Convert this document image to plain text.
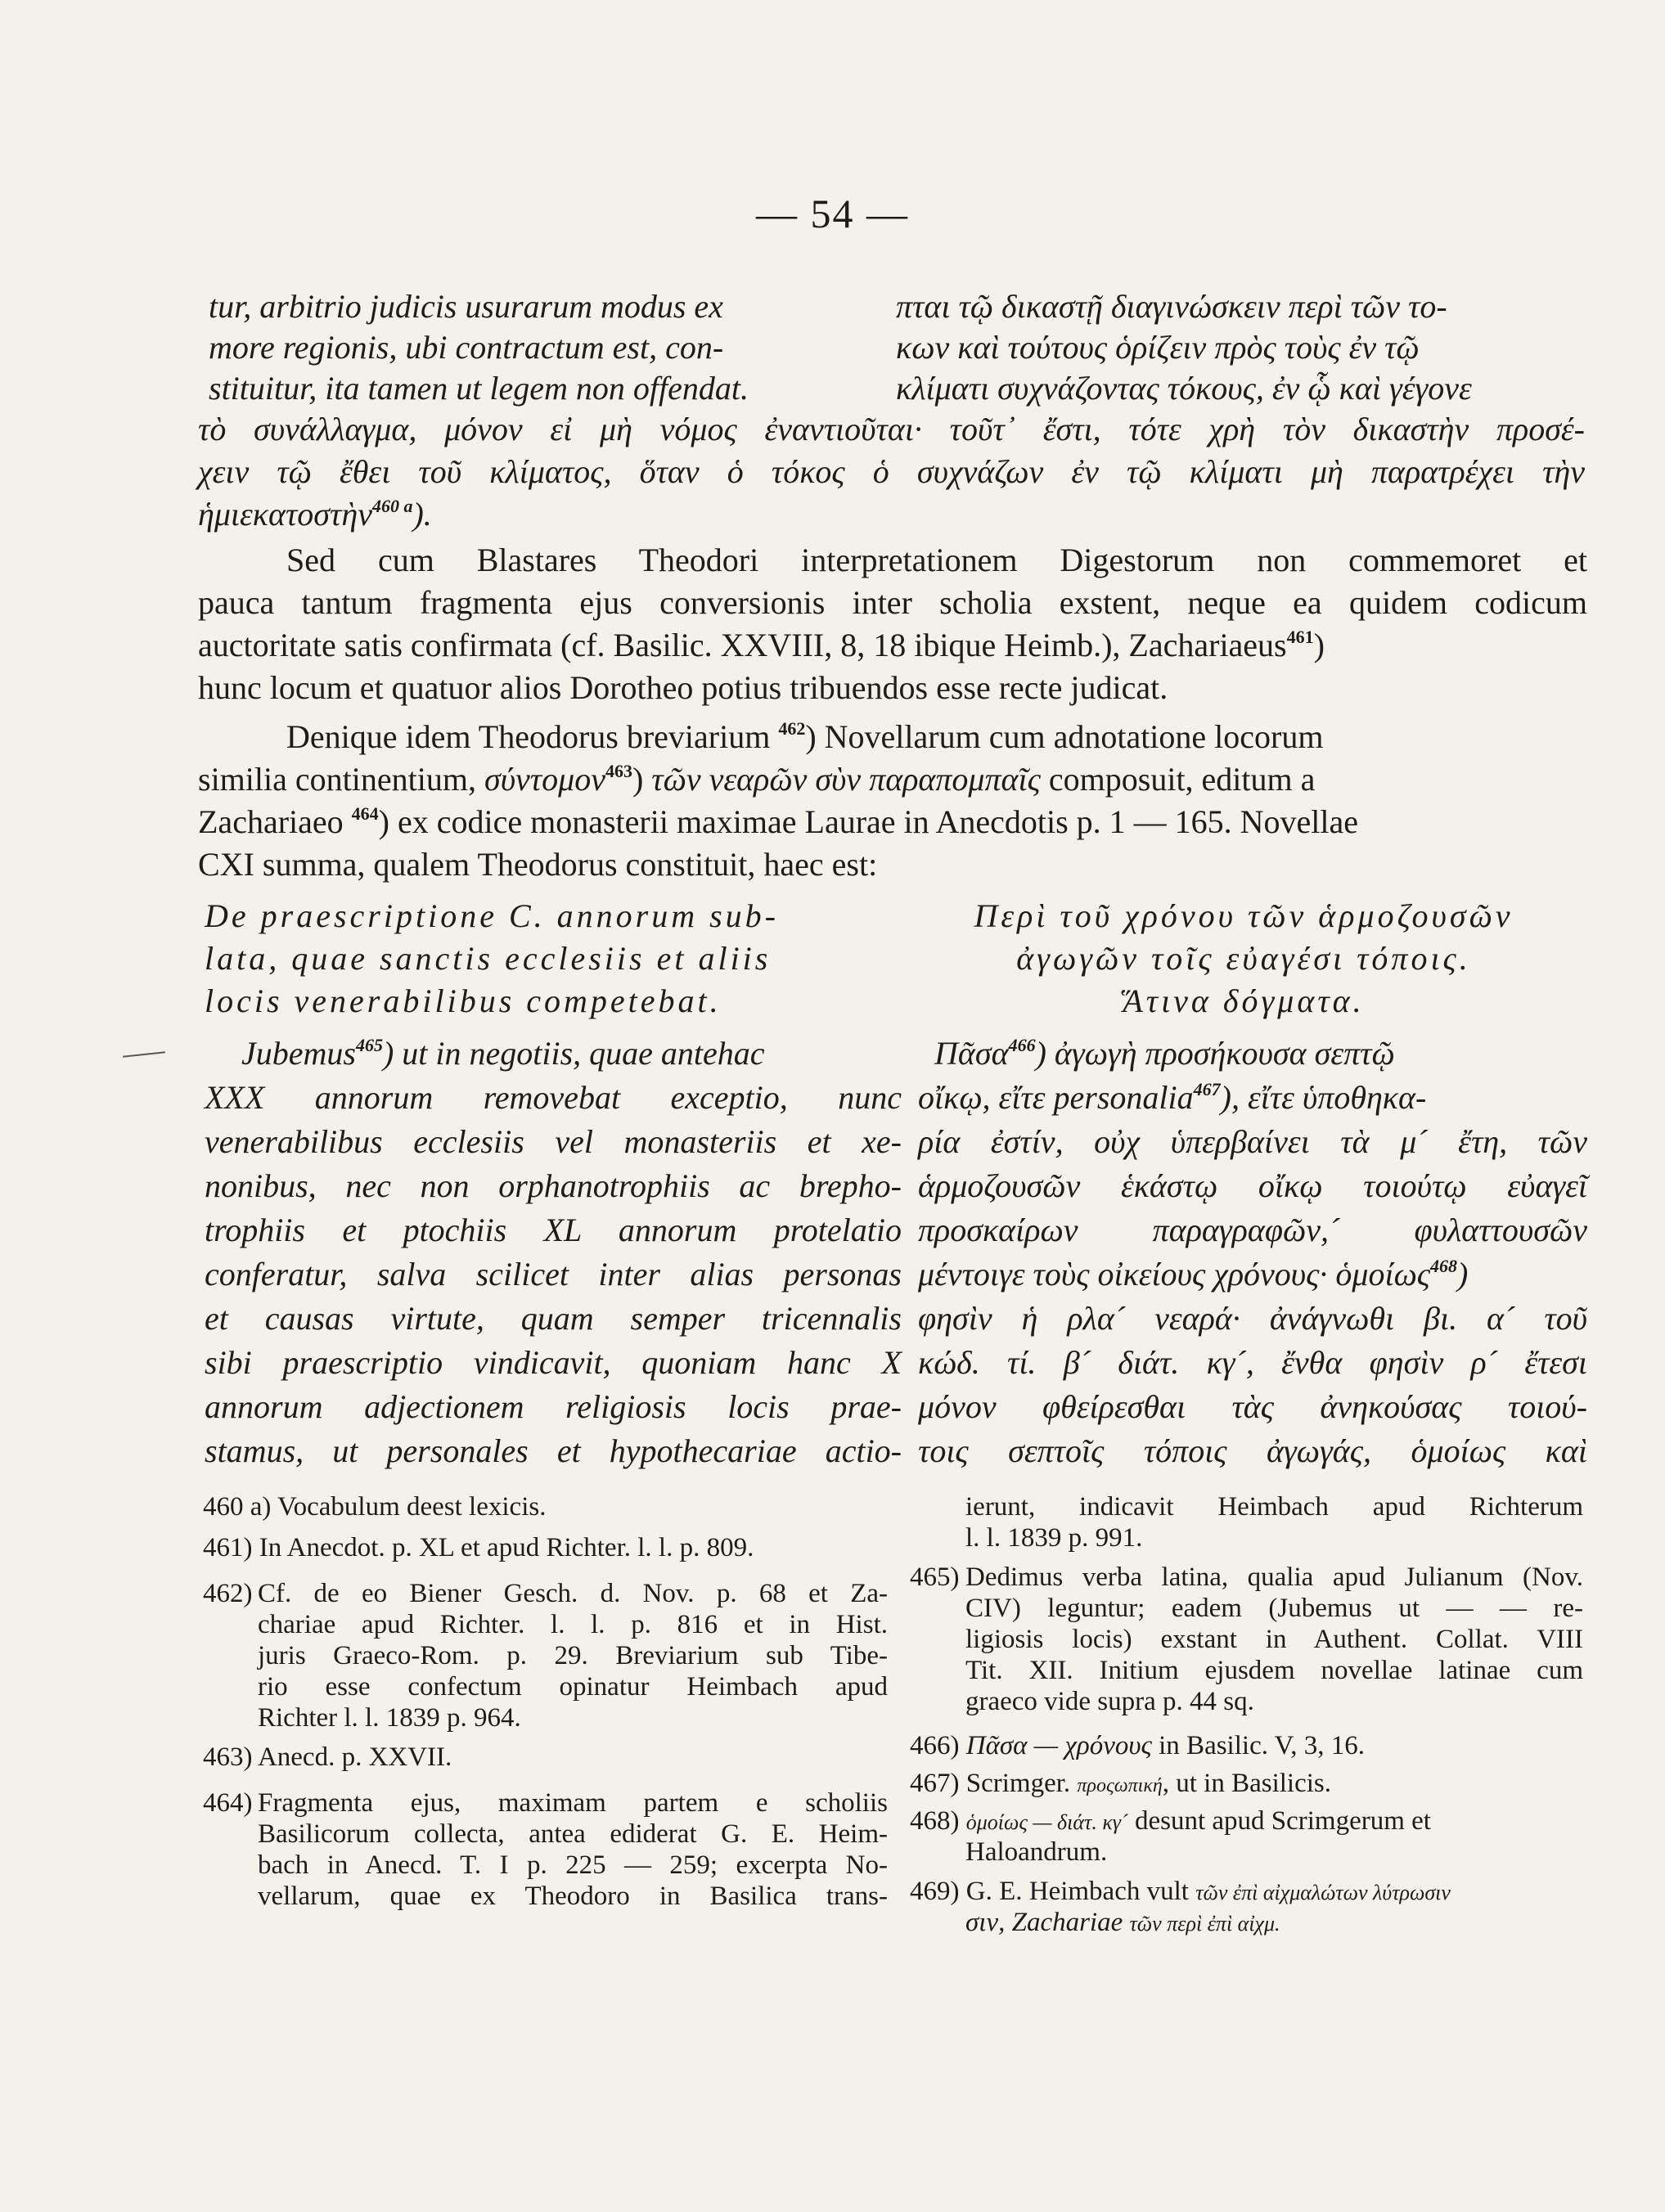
— 54 —
tur, arbitrio judicis usurarum modus ex
more regionis, ubi contractum est, con-
stituitur, ita tamen ut legem non offendat.
πται τῷ δικαστῇ διαγινώσκειν περὶ τῶν το-
κων καὶ τούτους ὁρίζειν πρὸς τοὺς ἐν τῷ
κλίματι συχνάζοντας τόκους, ἐν ᾧ καὶ γέγονε
τὸ συνάλλαγμα, μόνον εἰ μὴ νόμος ἐναντιοῦται· τοῦτ᾽ ἔστι, τότε χρὴ τὸν δικαστὴν προσέ-
χειν τῷ ἔθει τοῦ κλίματος, ὅταν ὁ τόκος ὁ συχνάζων ἐν τῷ κλίματι μὴ παρατρέχει τὴν
ἡμιεκατοστὴν$^{460 a}$).
Sed cum Blastares Theodori interpretationem Digestorum non commemoret et
pauca tantum fragmenta ejus conversionis inter scholia exstent, neque ea quidem codicum
auctoritate satis confirmata (cf. Basilic. XXVIII, 8, 18 ibique Heimb.), Zachariaeus$^{461}$)
hunc locum et quatuor alios Dorotheo potius tribuendos esse recte judicat.
Denique idem Theodorus breviarium $^{462}$) Novellarum cum adnotatione locorum
similia continentium, σύντομον$^{463}$) τῶν νεαρῶν σὺν παραπομπαῖς composuit, editum a
Zachariaeo $^{464}$) ex codice monasterii maximae Laurae in Anecdotis p. 1 — 165. Novellae
CXI summa, qualem Theodorus constituit, haec est:
De praescriptione C. annorum sub-
lata, quae sanctis ecclesiis et aliis
locis venerabilibus competebat.
Περὶ τοῦ χρόνου τῶν ἁρμοζουσῶν
ἀγωγῶν τοῖς εὐαγέσι τόποις.
Ἅτινα δόγματα.
Jubemus$^{465}$) ut in negotiis, quae antehac
XXX annorum removebat exceptio, nunc
venerabilibus ecclesiis vel monasteriis et xe-
nonibus, nec non orphanotrophiis ac brepho-
trophiis et ptochiis XL annorum protelatio
conferatur, salva scilicet inter alias personas
et causas virtute, quam semper tricennalis
sibi praescriptio vindicavit, quoniam hanc X
annorum adjectionem religiosis locis prae-
stamus, ut personales et hypothecariae actio-
Πᾶσα$^{466}$) ἀγωγὴ προσήκουσα σεπτῷ
οἴκῳ, εἴτε personalia$^{467}$), εἴτε ὑποθηκα-
ρία ἐστίν, οὐχ ὑπερβαίνει τὰ μ´ ἔτη, τῶν
ἁρμοζουσῶν ἑκάστῳ οἴκῳ τοιούτῳ εὐαγεῖ
προσκαίρων παραγραφῶν,´ φυλαττουσῶν
μέντοιγε τοὺς οἰκείους χρόνους· ὁμοίως$^{468}$)
φησὶν ἡ ρλα´ νεαρά· ἀνάγνωθι βι. α´ τοῦ
κώδ. τί. β´ διάτ. κγ´, ἔνθα φησὶν ρ´ ἔτεσι
μόνον φθείρεσθαι τὰς ἀνηκούσας τοιού-
τοις σεπτοῖς τόποις ἀγωγάς, ὁμοίως καὶ
460 a) Vocabulum deest lexicis.
461) In Anecdot. p. XL et apud Richter. l. l. p. 809.
462) Cf. de eo Biener Gesch. d. Nov. p. 68 et Za-
chariae apud Richter. l. l. p. 816 et in Hist.
juris Graeco-Rom. p. 29. Breviarium sub Tibe-
rio esse confectum opinatur Heimbach apud
Richter l. l. 1839 p. 964.
463) Anecd. p. XXVII.
464) Fragmenta ejus, maximam partem e scholiis
Basilicorum collecta, antea ediderat G. E. Heim-
bach in Anecd. T. I p. 225 — 259; excerpta No-
vellarum, quae ex Theodoro in Basilica trans-
ierunt, indicavit Heimbach apud Richterum
l. l. 1839 p. 991.
465) Dedimus verba latina, qualia apud Julianum (Nov.
CIV) leguntur; eadem (Jubemus ut — — re-
ligiosis locis) exstant in Authent. Collat. VIII
Tit. XII. Initium ejusdem novellae latinae cum
graeco vide supra p. 44 sq.
466) Πᾶσα — χρόνους in Basilic. V, 3, 16.
467) Scrimger. προςωπική, ut in Basilicis.
468) ὁμοίως — διάτ. κγ´ desunt apud Scrimgerum et
Haloandrum.
469) G. E. Heimbach vult τῶν ἐπὶ αἰχμαλώτων λύτρωσιν
σιν, Zachariae τῶν περὶ ἐπὶ αἰχμ.
